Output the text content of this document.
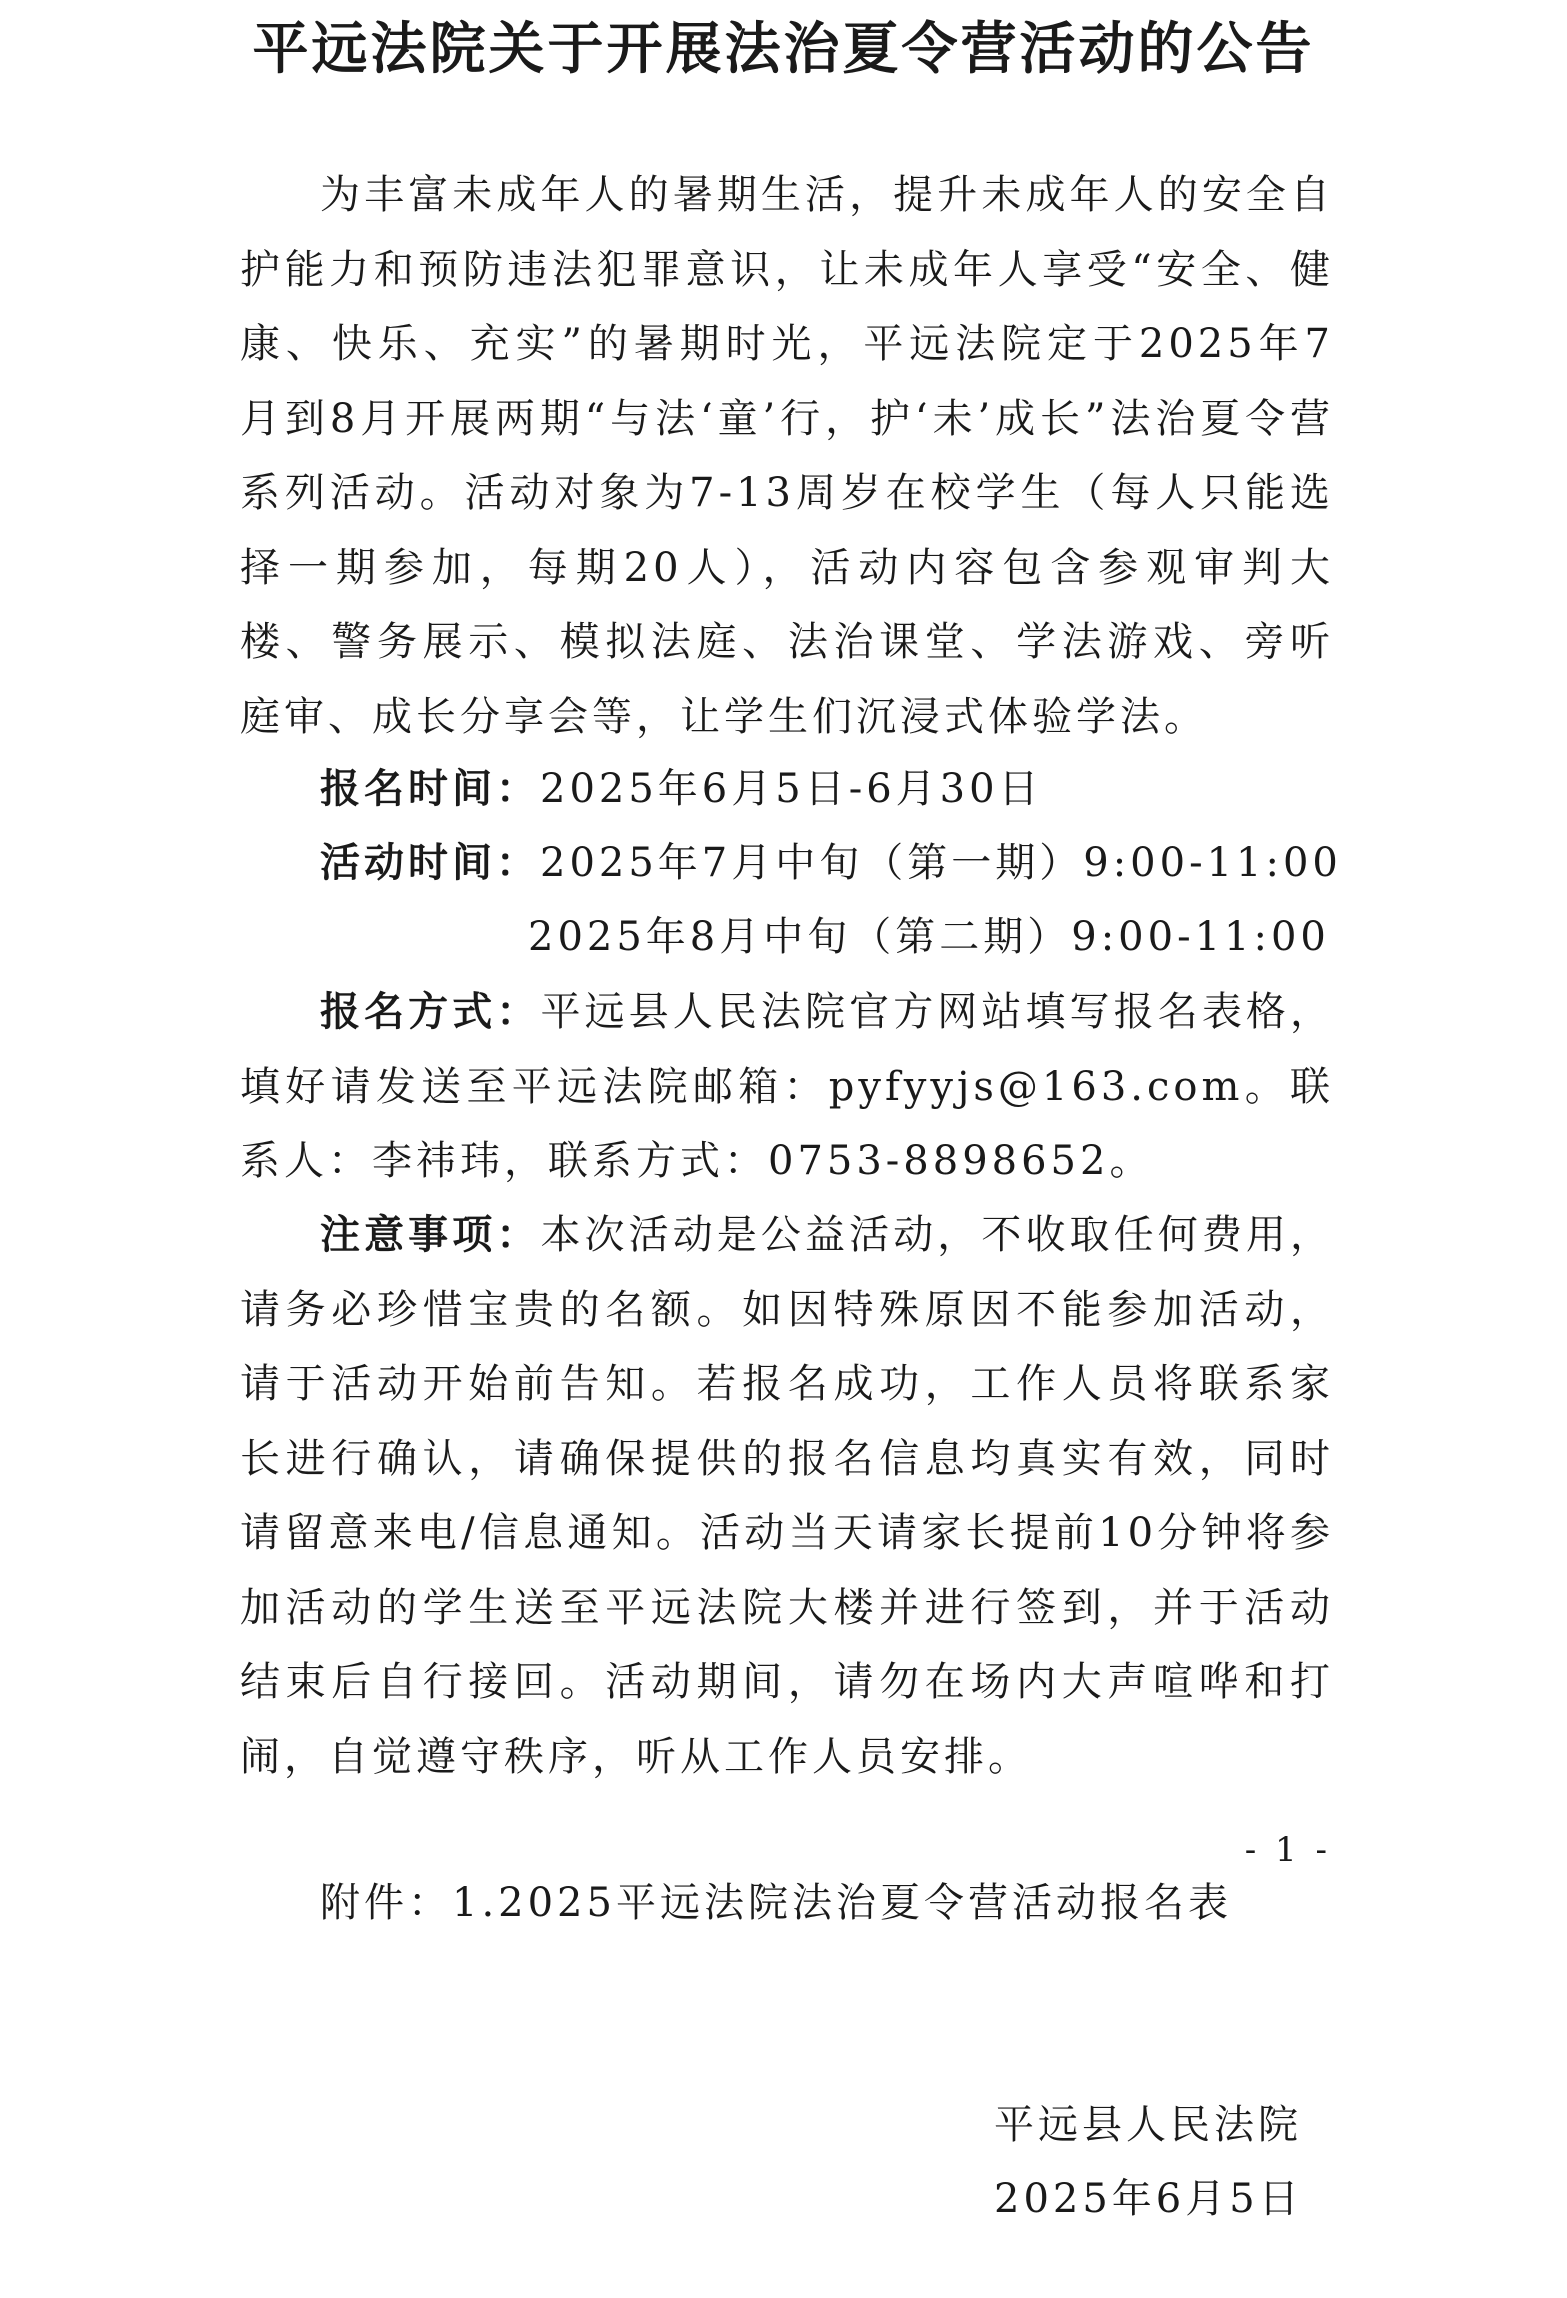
平远法院关于开展法治夏令营活动的公告

为丰富未成年人的暑期生活，提升未成年人的安全自护能力和预防违法犯罪意识，让未成年人享受“安全、健康、快乐、充实”的暑期时光，平远法院定于2025年7月到8月开展两期“与法‘童’行，护‘未’成长”法治夏令营系列活动。活动对象为7-13周岁在校学生（每人只能选择一期参加，每期20人），活动内容包含参观审判大楼、警务展示、模拟法庭、法治课堂、学法游戏、旁听庭审、成长分享会等，让学生们沉浸式体验学法。

报名时间：2025年6月5日-6月30日
活动时间：2025年7月中旬（第一期）9:00-11:00
2025年8月中旬（第二期）9:00-11:00

报名方式：平远县人民法院官方网站填写报名表格，填好请发送至平远法院邮箱：pyfyyjs@163.com。联系人：李祎玮，联系方式：0753-8898652。

注意事项：本次活动是公益活动，不收取任何费用，请务必珍惜宝贵的名额。如因特殊原因不能参加活动，请于活动开始前告知。若报名成功，工作人员将联系家长进行确认，请确保提供的报名信息均真实有效，同时请留意来电/信息通知。活动当天请家长提前10分钟将参加活动的学生送至平远法院大楼并进行签到，并于活动结束后自行接回。活动期间，请勿在场内大声喧哗和打闹，自觉遵守秩序，听从工作人员安排。

- 1 -
附件：1.2025平远法院法治夏令营活动报名表
平远县人民法院
2025年6月5日
